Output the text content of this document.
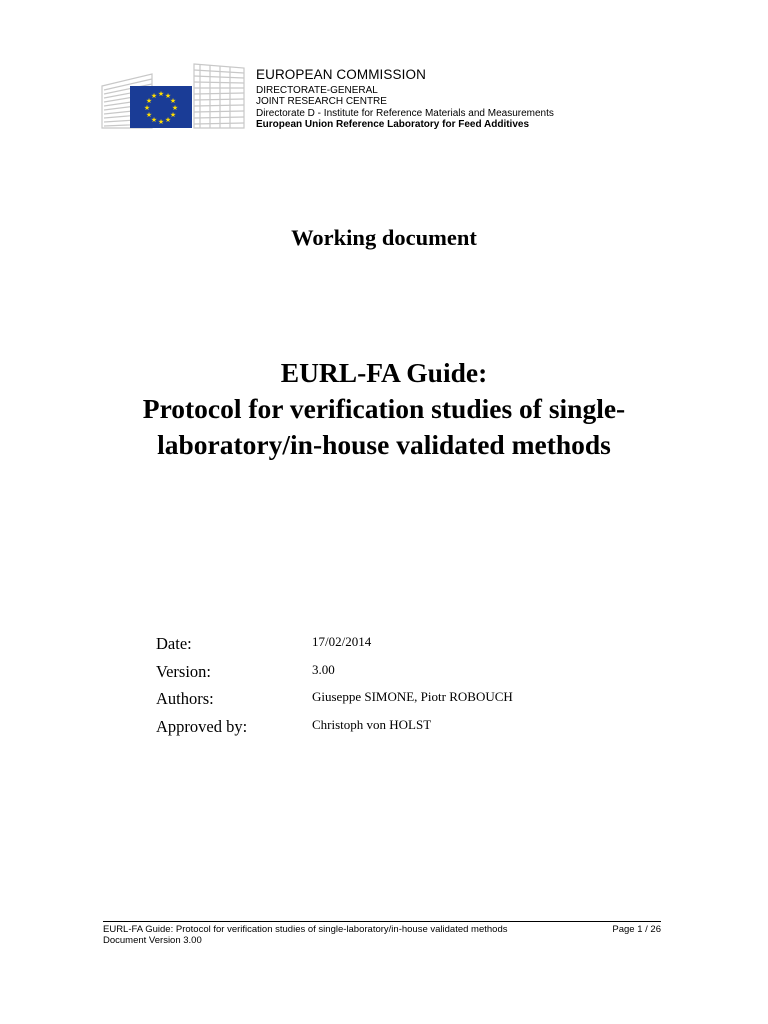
★ ★
★
★
★
★
★
★
★
★
★
★
EUROPEAN COMMISSION
DIRECTORATE-GENERAL
JOINT RESEARCH CENTRE
Directorate D - Institute for Reference Materials and Measurements
European Union Reference Laboratory for Feed Additives
Working document
EURL-FA Guide:
Protocol for verification studies of single-
laboratory/in-house validated methods
Date:	17/02/2014
Version:	3.00
Authors:	Giuseppe SIMONE, Piotr ROBOUCH
Approved by:	Christoph von HOLST
EURL-FA Guide: Protocol for verification studies of single-laboratory/in-house validated methods	Page 1 / 26
Document Version 3.00
